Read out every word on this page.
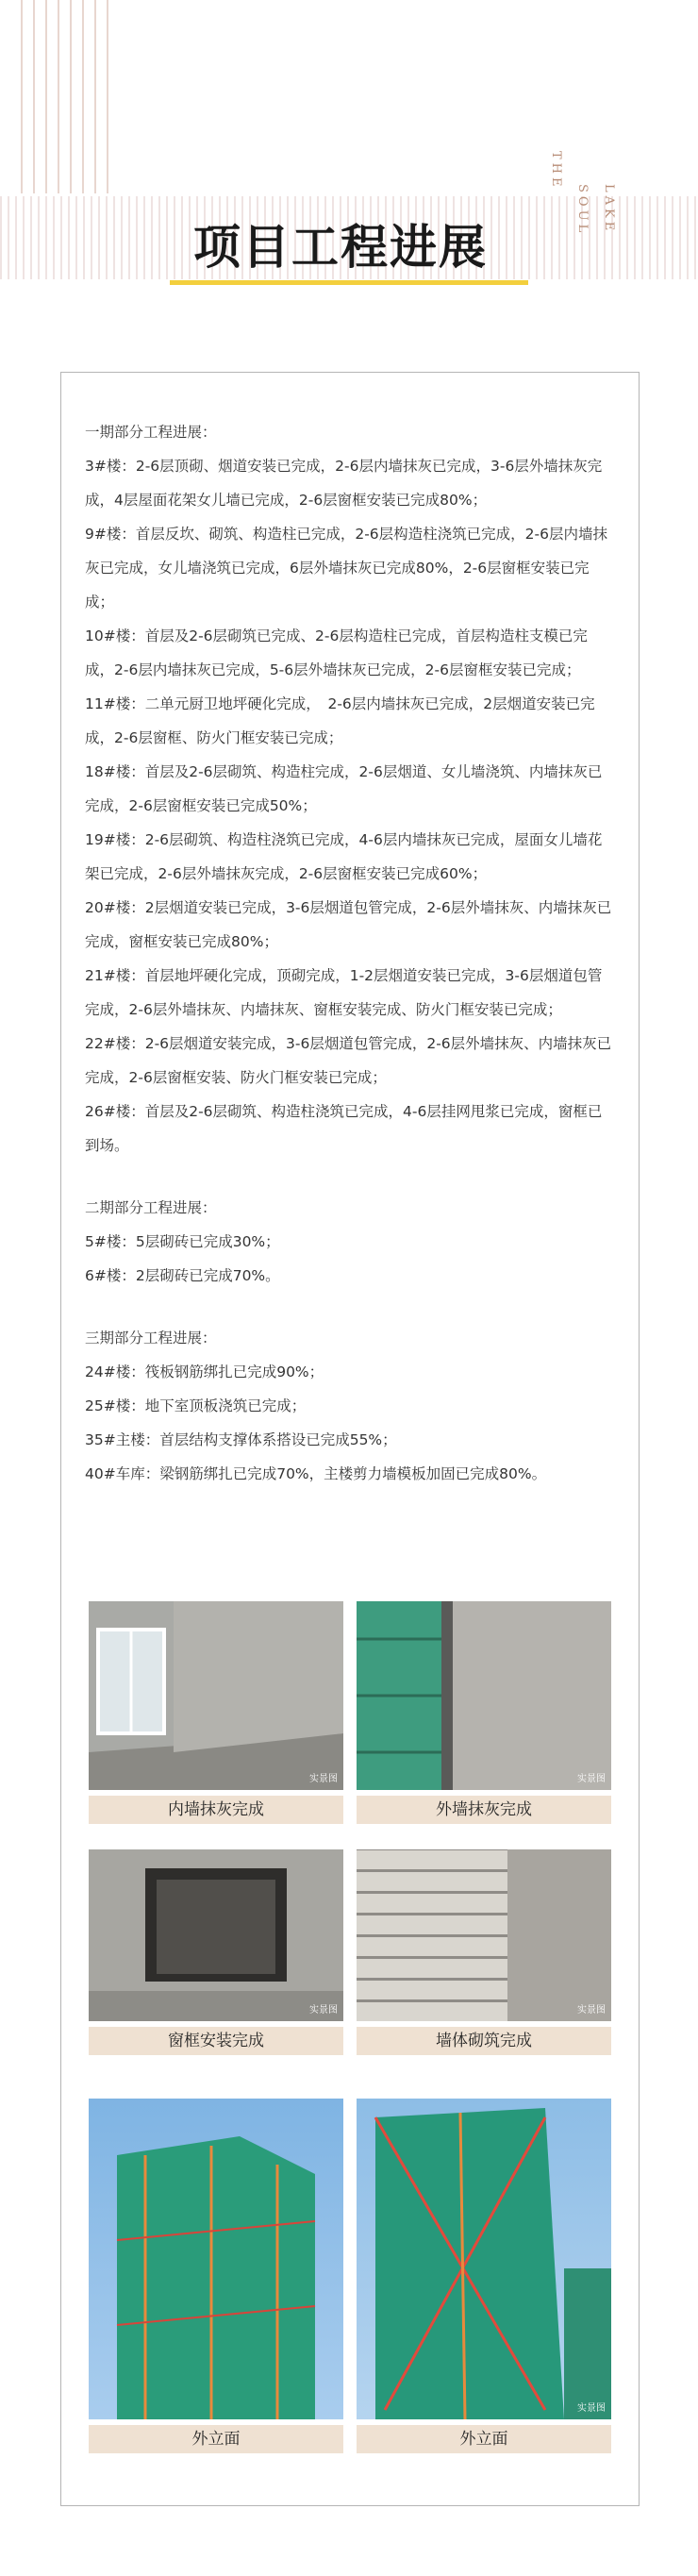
THE
SOUL LAKE
项目工程进展

一期部分工程进展：

3#楼：2-6层顶砌、烟道安装已完成，2-6层内墙抹灰已完成，3-6层外墙抹灰完成，4层屋面花架女儿墙已完成，2-6层窗框安装已完成80%；

9#楼：首层反坎、砌筑、构造柱已完成，2-6层构造柱浇筑已完成，2-6层内墙抹灰已完成，女儿墙浇筑已完成，6层外墙抹灰已完成80%，2-6层窗框安装已完成；

10#楼：首层及2-6层砌筑已完成、2-6层构造柱已完成，首层构造柱支模已完成，2-6层内墙抹灰已完成，5-6层外墙抹灰已完成，2-6层窗框安装已完成；

11#楼：二单元厨卫地坪硬化完成，　2-6层内墙抹灰已完成，2层烟道安装已完成，2-6层窗框、防火门框安装已完成；

18#楼：首层及2-6层砌筑、构造柱完成，2-6层烟道、女儿墙浇筑、内墙抹灰已完成，2-6层窗框安装已完成50%；

19#楼：2-6层砌筑、构造柱浇筑已完成，4-6层内墙抹灰已完成，屋面女儿墙花架已完成，2-6层外墙抹灰完成，2-6层窗框安装已完成60%；

20#楼：2层烟道安装已完成，3-6层烟道包管完成，2-6层外墙抹灰、内墙抹灰已完成，窗框安装已完成80%；

21#楼：首层地坪硬化完成，顶砌完成，1-2层烟道安装已完成，3-6层烟道包管完成，2-6层外墙抹灰、内墙抹灰、窗框安装完成、防火门框安装已完成；

22#楼：2-6层烟道安装完成，3-6层烟道包管完成，2-6层外墙抹灰、内墙抹灰已完成，2-6层窗框安装、防火门框安装已完成；

26#楼：首层及2-6层砌筑、构造柱浇筑已完成，4-6层挂网甩浆已完成，窗框已到场。

二期部分工程进展：

5#楼：5层砌砖已完成30%；

6#楼：2层砌砖已完成70%。

三期部分工程进展：

24#楼：筏板钢筋绑扎已完成90%；

25#楼：地下室顶板浇筑已完成；

35#主楼：首层结构支撑体系搭设已完成55%；

40#车库：梁钢筋绑扎已完成70%，主楼剪力墙模板加固已完成80%。

实景图
内墙抹灰完成
实景图
外墙抹灰完成
实景图
窗框安装完成
实景图
墙体砌筑完成
外立面
实景图
外立面
